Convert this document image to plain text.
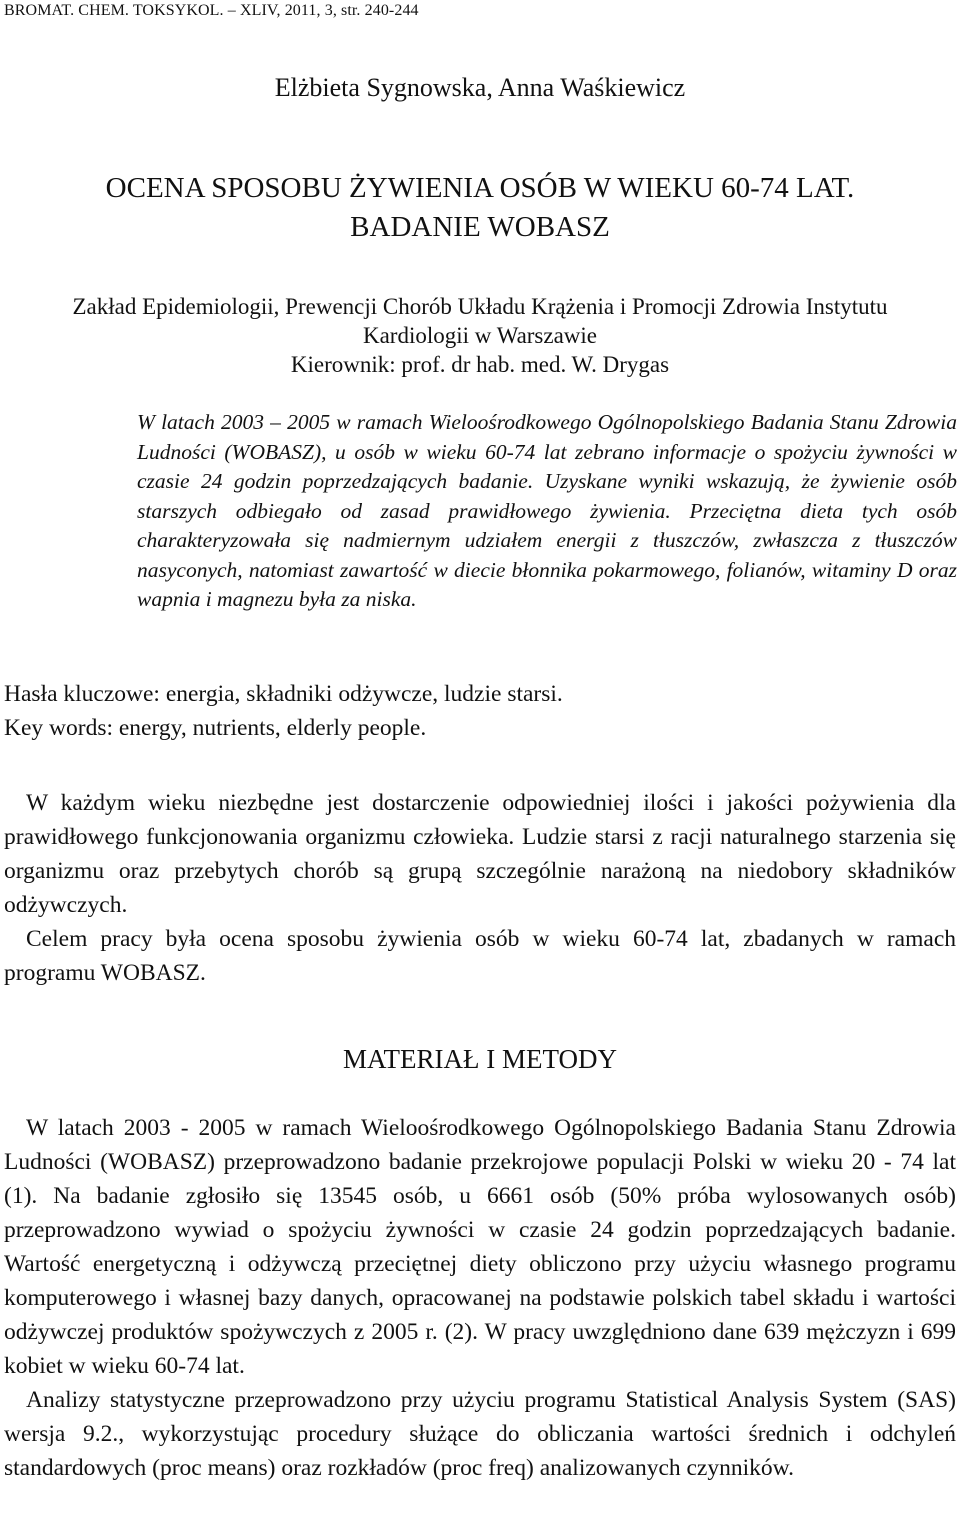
BROMAT. CHEM. TOKSYKOL. – XLIV, 2011, 3, str. 240-244
Elżbieta Sygnowska, Anna Waśkiewicz
OCENA SPOSOBU ŻYWIENIA OSÓB W WIEKU 60-74 LAT.
BADANIE WOBASZ
Zakład Epidemiologii, Prewencji Chorób Układu Krążenia i Promocji Zdrowia Instytutu
Kardiologii w Warszawie
Kierownik: prof. dr hab. med. W. Drygas

W latach 2003 – 2005 w ramach Wieloośrodkowego Ogólnopolskiego Badania Stanu Zdrowia Ludności (WOBASZ), u osób w wieku 60-74 lat zebrano informacje o spożyciu żywności w czasie 24 godzin poprzedzających badanie. Uzyskane wyniki wskazują, że żywienie osób starszych odbiegało od zasad prawidłowego żywienia. Przeciętna dieta tych osób charakteryzowała się nadmiernym udziałem energii z tłuszczów, zwłaszcza z tłuszczów nasyconych, natomiast zawartość w diecie błonnika pokarmowego, folianów, witaminy D oraz wapnia i magnezu była za niska.

Hasła kluczowe: energia, składniki odżywcze, ludzie starsi.
Key words: energy, nutrients, elderly people.

W każdym wieku niezbędne jest dostarczenie odpowiedniej ilości i jakości pożywienia dla prawidłowego funkcjonowania organizmu człowieka. Ludzie starsi z racji naturalnego starzenia się organizmu oraz przebytych chorób są grupą szczególnie narażoną na niedobory składników odżywczych.

Celem pracy była ocena sposobu żywienia osób w wieku 60-74 lat, zbadanych w ramach programu WOBASZ.

MATERIAŁ I METODY

W latach 2003 - 2005 w ramach Wieloośrodkowego Ogólnopolskiego Badania Stanu Zdrowia Ludności (WOBASZ) przeprowadzono badanie przekrojowe populacji Polski w wieku 20 - 74 lat (1). Na badanie zgłosiło się 13545 osób, u 6661 osób (50% próba wylosowanych osób) przeprowadzono wywiad o spożyciu żywności w czasie 24 godzin poprzedzających badanie. Wartość energetyczną i odżywczą przeciętnej diety obliczono przy użyciu własnego programu komputerowego i własnej bazy danych, opracowanej na podstawie polskich tabel składu i wartości odżywczej produktów spożywczych z 2005 r. (2). W pracy uwzględniono dane 639 mężczyzn i 699 kobiet w wieku 60-74 lat.

Analizy statystyczne przeprowadzono przy użyciu programu Statistical Analysis System (SAS) wersja 9.2., wykorzystując procedury służące do obliczania wartości średnich i odchyleń standardowych (proc means) oraz rozkładów (proc freq) analizowanych czynników.
